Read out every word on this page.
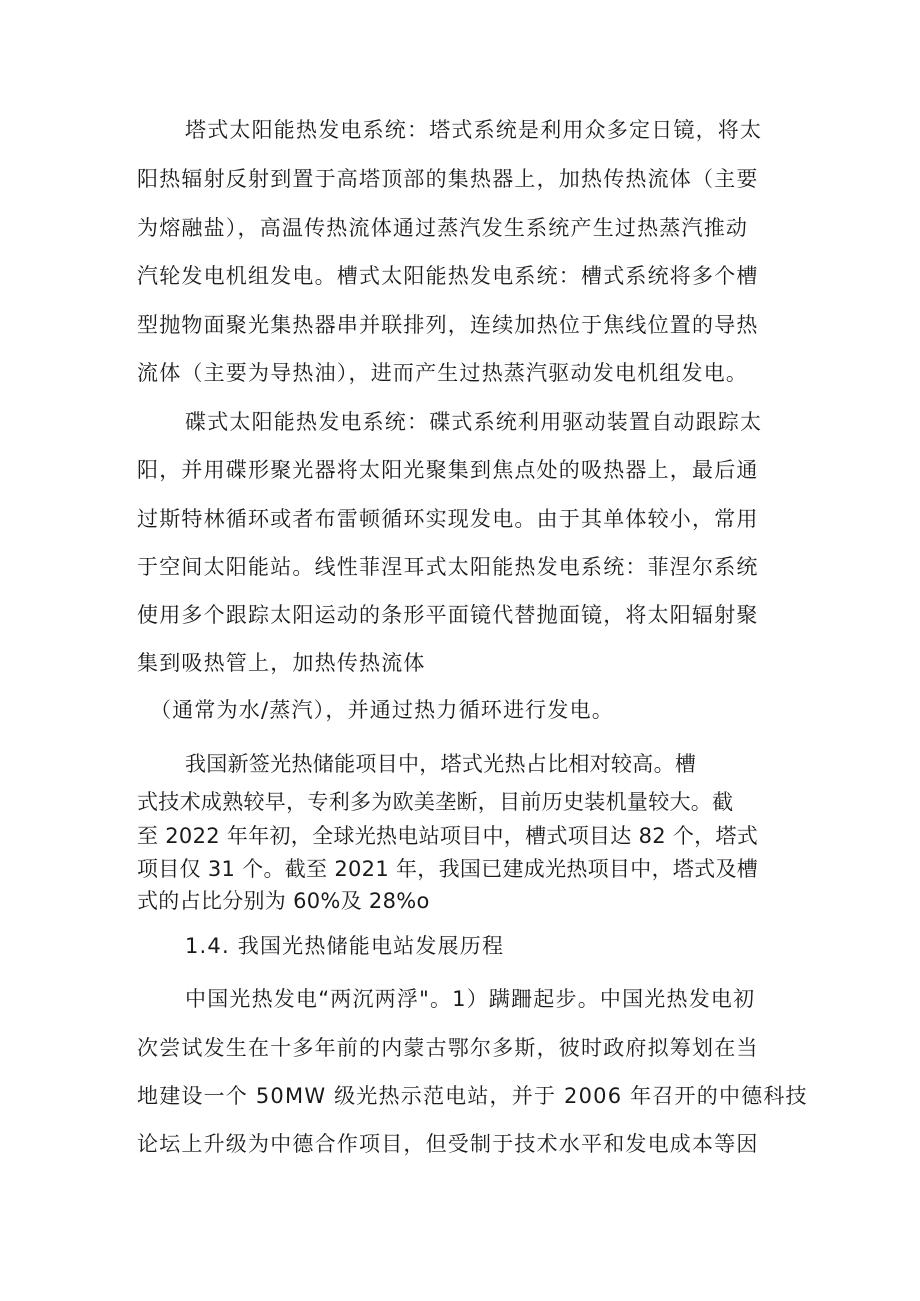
塔式太阳能热发电系统：塔式系统是利用众多定日镜，将太
阳热辐射反射到置于高塔顶部的集热器上，加热传热流体（主要
为熔融盐），高温传热流体通过蒸汽发生系统产生过热蒸汽推动
汽轮发电机组发电。槽式太阳能热发电系统：槽式系统将多个槽
型抛物面聚光集热器串并联排列，连续加热位于焦线位置的导热
流体（主要为导热油），进而产生过热蒸汽驱动发电机组发电。
碟式太阳能热发电系统：碟式系统利用驱动装置自动跟踪太
阳，并用碟形聚光器将太阳光聚集到焦点处的吸热器上，最后通
过斯特林循环或者布雷顿循环实现发电。由于其单体较小，常用
于空间太阳能站。线性菲涅耳式太阳能热发电系统：菲涅尔系统
使用多个跟踪太阳运动的条形平面镜代替抛面镜，将太阳辐射聚
集到吸热管上，加热传热流体
（通常为水/蒸汽），并通过热力循环进行发电。
我国新签光热储能项目中，塔式光热占比相对较高。槽
式技术成熟较早，专利多为欧美垄断，目前历史装机量较大。截
至 2022 年年初，全球光热电站项目中，槽式项目达 82 个，塔式
项目仅 31 个。截至 2021 年，我国已建成光热项目中，塔式及槽
式的占比分别为 60%及 28%o
1.4. 我国光热储能电站发展历程
中国光热发电“两沉两浮"。1）蹒跚起步。中国光热发电初
次尝试发生在十多年前的内蒙古鄂尔多斯，彼时政府拟筹划在当
地建设一个 50MW 级光热示范电站，并于 2006 年召开的中德科技
论坛上升级为中德合作项目，但受制于技术水平和发电成本等因
